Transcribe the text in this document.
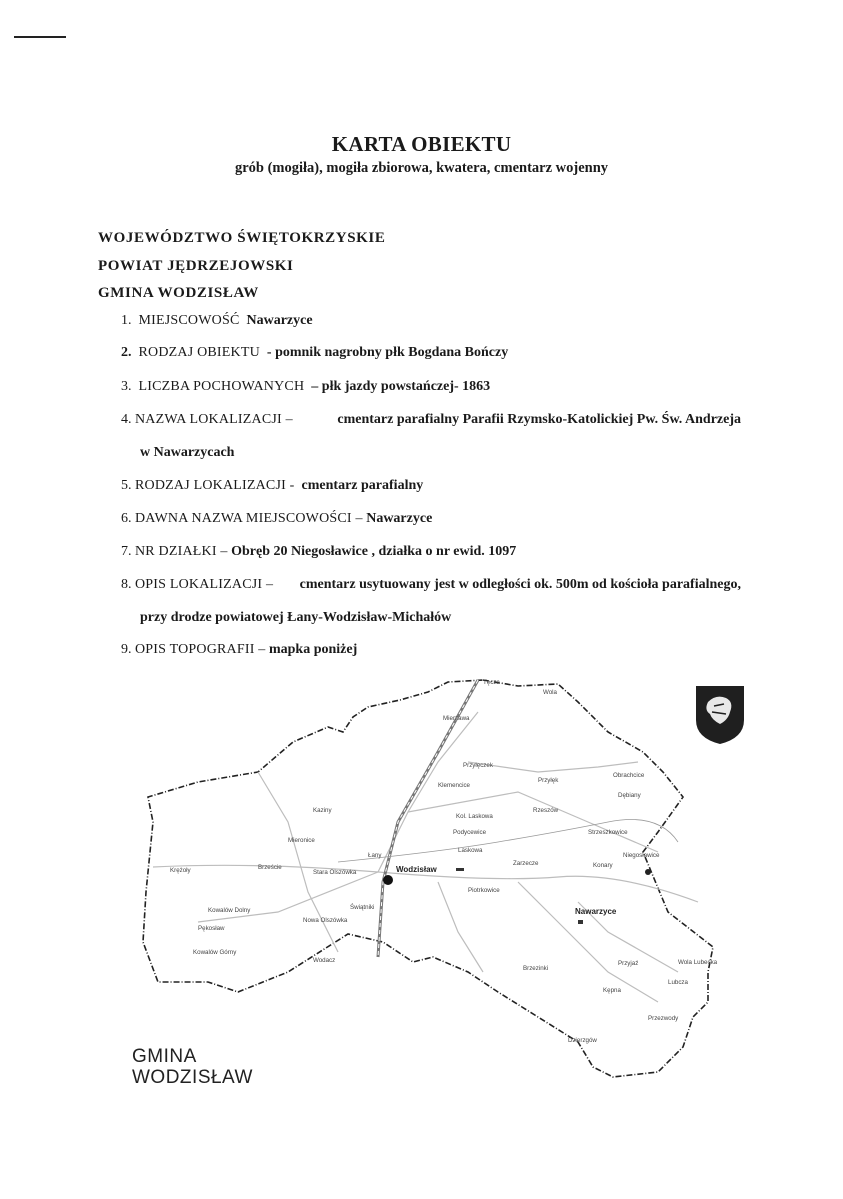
KARTA OBIEKTU
grób (mogiła), mogiła zbiorowa, kwatera, cmentarz wojenny
WOJEWÓDZTWO ŚWIĘTOKRZYSKIE
POWIAT JĘDRZEJOWSKI
GMINA WODZISŁAW
1. MIEJSCOWOŚĆ Nawarzyce
2. RODZAJ OBIEKTU - pomnik nagrobny płk Bogdana Bończy
3. LICZBA POCHOWANYCH – płk jazdy powstańczej- 1863
4. NAZWA LOKALIZACJI –	cmentarz parafialny Parafii Rzymsko-Katolickiej Pw. Św. Andrzeja
w Nawarzycach
5. RODZAJ LOKALIZACJI - cmentarz parafialny
6. DAWNA NAZWA MIEJSCOWOŚCI – Nawarzyce
7. NR DZIAŁKI – Obręb 20 Niegosławice , działka o nr ewid. 1097
8. OPIS LOKALIZACJI – cmentarz usytuowany jest w odległości ok. 500m od kościoła parafialnego,
przy drodze powiatowej Łany-Wodzisław-Michałów
9. OPIS TOPOGRAFII – mapka poniżej
Wodzisław
Nawarzyce
Łany
Kaziny
Klemencice
Laskowa
Zarzecze
Piotrkowice
Brzezinki
Przyłęk
Przyłęczek
Dębiany
Konary
Niegosławice
Strzeszkowice
Obrachcice
Mierzawa
Stara Olszówka
Nowa Olszówka
Brzeście
Krężoły
Kowalów Dolny
Kowalów Górny
Pękosław
Świątniki
Wodacz	Przyjaź
Lubcza
Wola Lubecka
Przezwody
Kępna
Dzierzgów
Mieronice
Rzeszów
Podycewice
Kol. Laskowa
Tęcza
Wola
GMINA
WODZISŁAW
